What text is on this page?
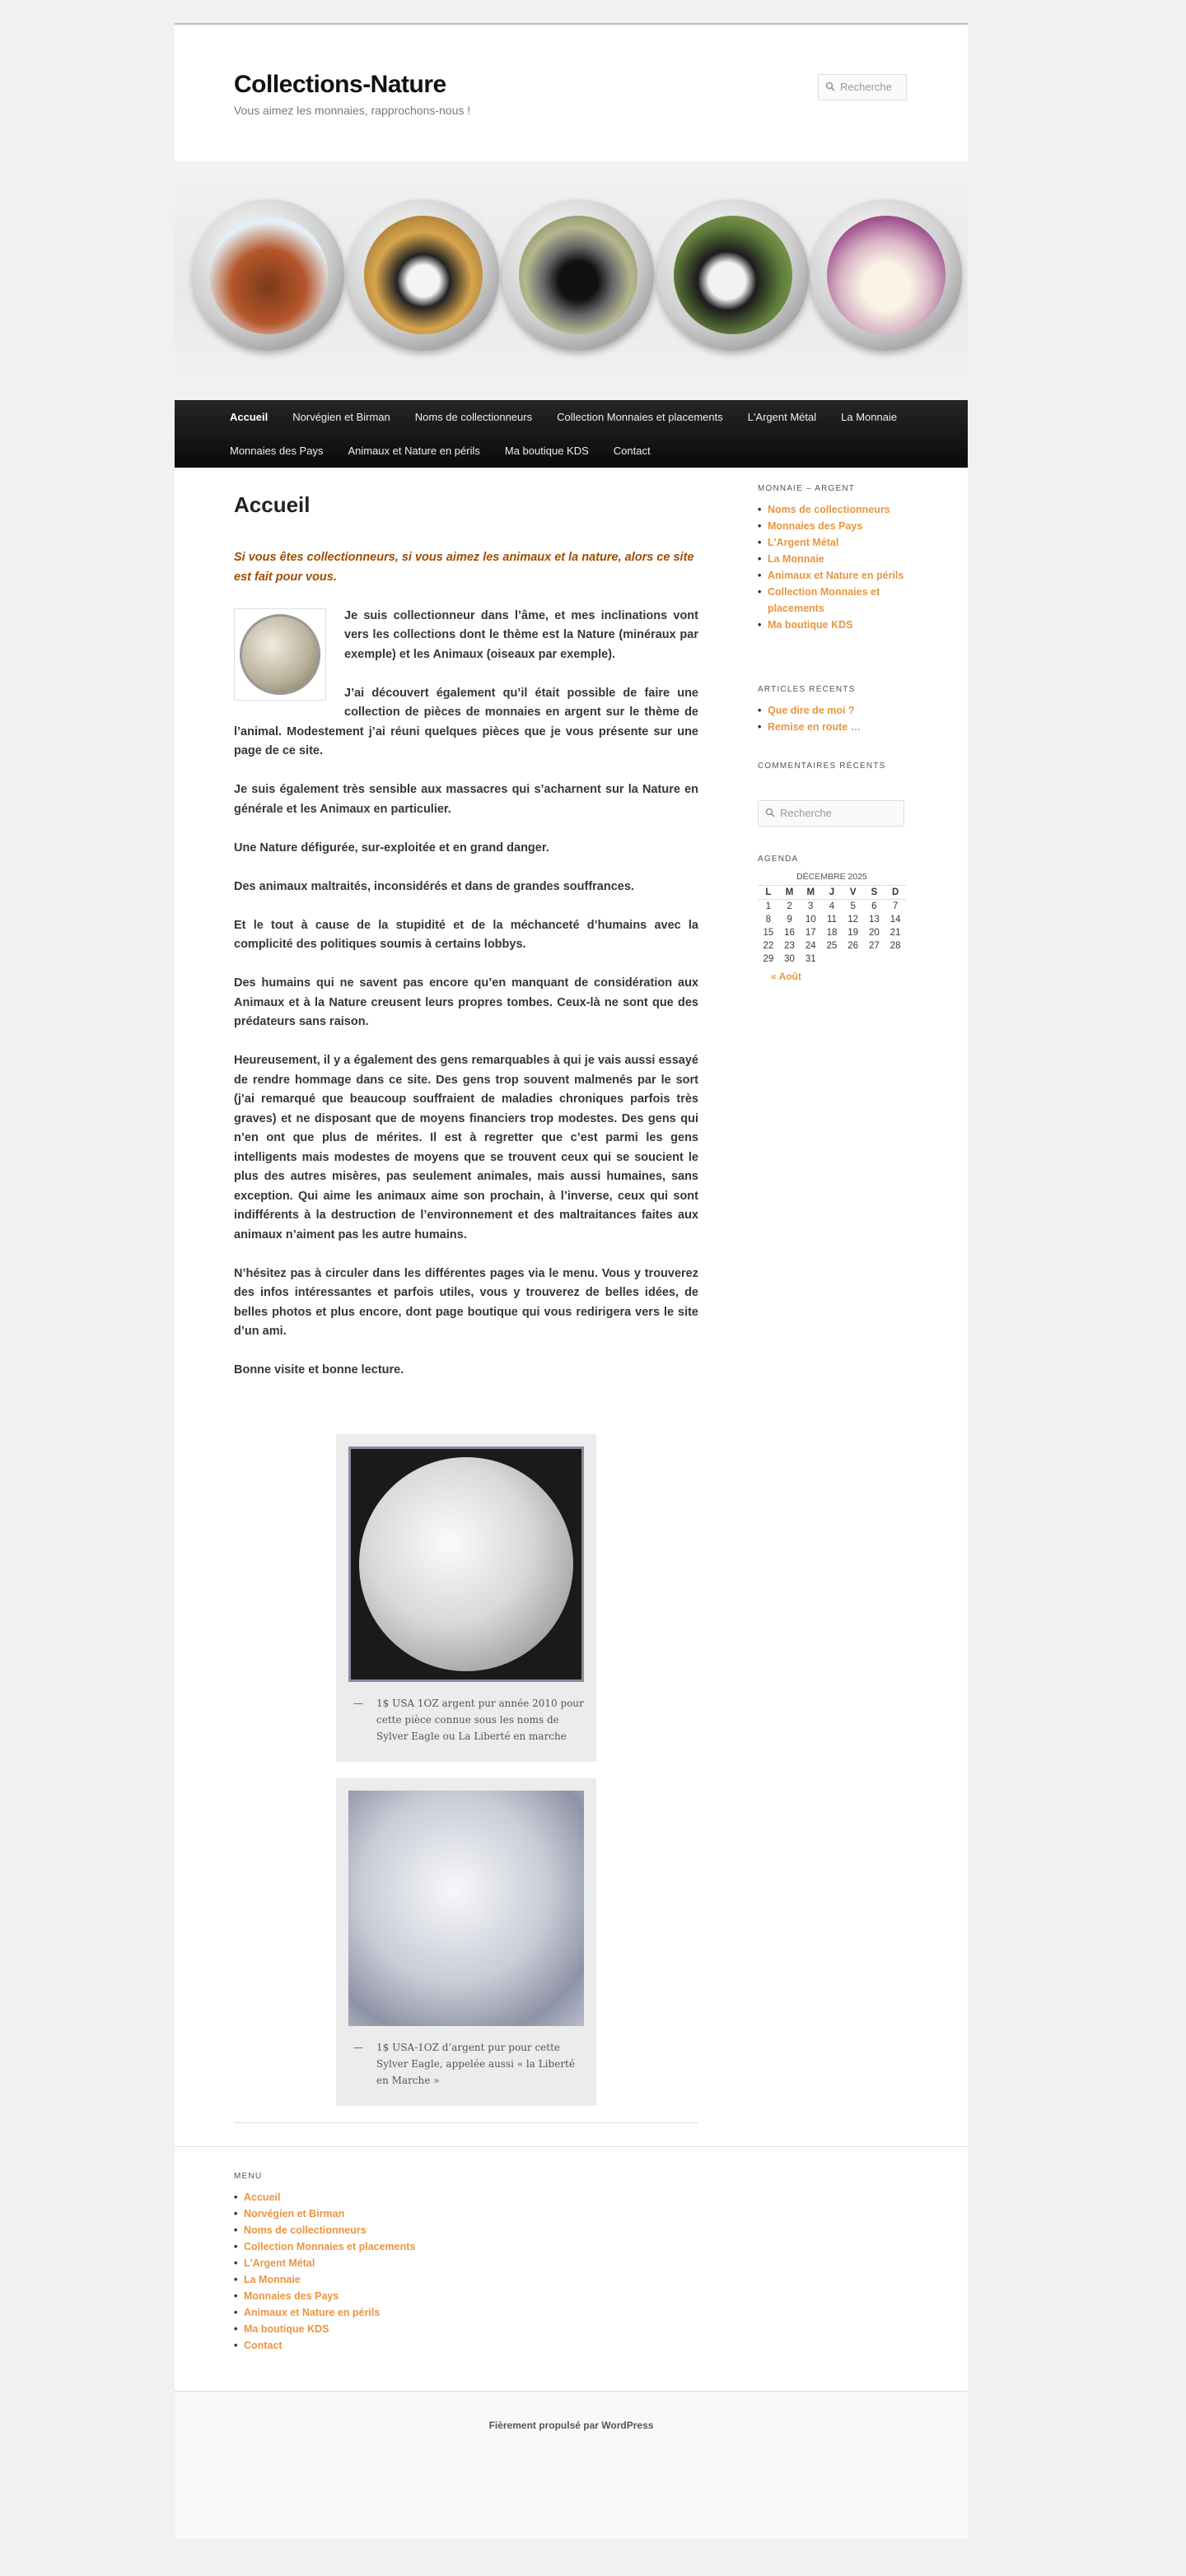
Collections-Nature
Vous aimez les monnaies, rapprochons-nous !
Recherche
Accueil	Norvégien et Birman	Noms de collectionneurs	Collection Monnaies et placements	L'Argent Métal	La Monnaie
Monnaies des Pays	Animaux et Nature en périls	Ma boutique KDS	Contact
Accueil

Si vous êtes collectionneurs, si vous aimez les animaux et la nature, alors ce site est fait pour vous.

Je suis collectionneur dans l’âme, et mes inclinations vont vers les collections dont le thème est la Nature (minéraux par exemple) et les Animaux (oiseaux par exemple).

J’ai découvert également qu’il était possible de faire une collection de pièces de monnaies en argent sur le thème de l’animal. Modestement j’ai réuni quelques pièces que je vous présente sur une page de ce site.

Je suis également très sensible aux massacres qui s’acharnent sur la Nature en générale et les Animaux en particulier.

Une Nature défigurée, sur-exploitée et en grand danger.

Des animaux maltraités, inconsidérés et dans de grandes souffrances.

Et le tout à cause de la stupidité et de la méchanceté d’humains avec la complicité des politiques soumis à certains lobbys.

Des humains qui ne savent pas encore qu’en manquant de considération aux Animaux et à la Nature creusent leurs propres tombes. Ceux-là ne sont que des prédateurs sans raison.

Heureusement, il y a également des gens remarquables à qui je vais aussi essayé de rendre hommage dans ce site. Des gens trop souvent malmenés par le sort (j’ai remarqué que beaucoup souffraient de maladies chroniques parfois très graves) et ne disposant que de moyens financiers trop modestes. Des gens qui n’en ont que plus de mérites. Il est à regretter que c’est parmi les gens intelligents mais modestes de moyens que se trouvent ceux qui se soucient le plus des autres misères, pas seulement animales, mais aussi humaines, sans exception. Qui aime les animaux aime son prochain, à l’inverse, ceux qui sont indifférents à la destruction de l’environnement et des maltraitances faites aux animaux n’aiment pas les autre humains.

N’hésitez pas à circuler dans les différentes pages via le menu. Vous y trouverez des infos intéressantes et parfois utiles, vous y trouverez de belles idées, de belles photos et plus encore, dont page boutique qui vous redirigera vers le site d’un ami.

Bonne visite et bonne lecture.

— 1$ USA 1OZ argent pur année 2010 pour cette pièce connue sous les noms de Sylver Eagle ou La Liberté en marche
— 1$ USA-1OZ d’argent pur pour cette Sylver Eagle, appelée aussi « la Liberté en Marche »
MONNAIE – ARGENT
• Noms de collectionneurs
• Monnaies des Pays
• L'Argent Métal
• La Monnaie
• Animaux et Nature en périls
• Collection Monnaies et placements
• Ma boutique KDS
ARTICLES RÉCENTS
• Que dire de moi ?
• Remise en route …
COMMENTAIRES RÉCENTS
Recherche
AGENDA
DÉCEMBRE 2025
L	M	M	J	V	S	D
1	2	3	4	5	6	7
8	9	10	11	12	13	14
15	16	17	18	19	20	21
22	23	24	25	26	27	28
29	30	31				
« Août
MENU
• Accueil
• Norvégien et Birman
• Noms de collectionneurs
• Collection Monnaies et placements
• L'Argent Métal
• La Monnaie
• Monnaies des Pays
• Animaux et Nature en périls
• Ma boutique KDS
• Contact
Fièrement propulsé par WordPress
